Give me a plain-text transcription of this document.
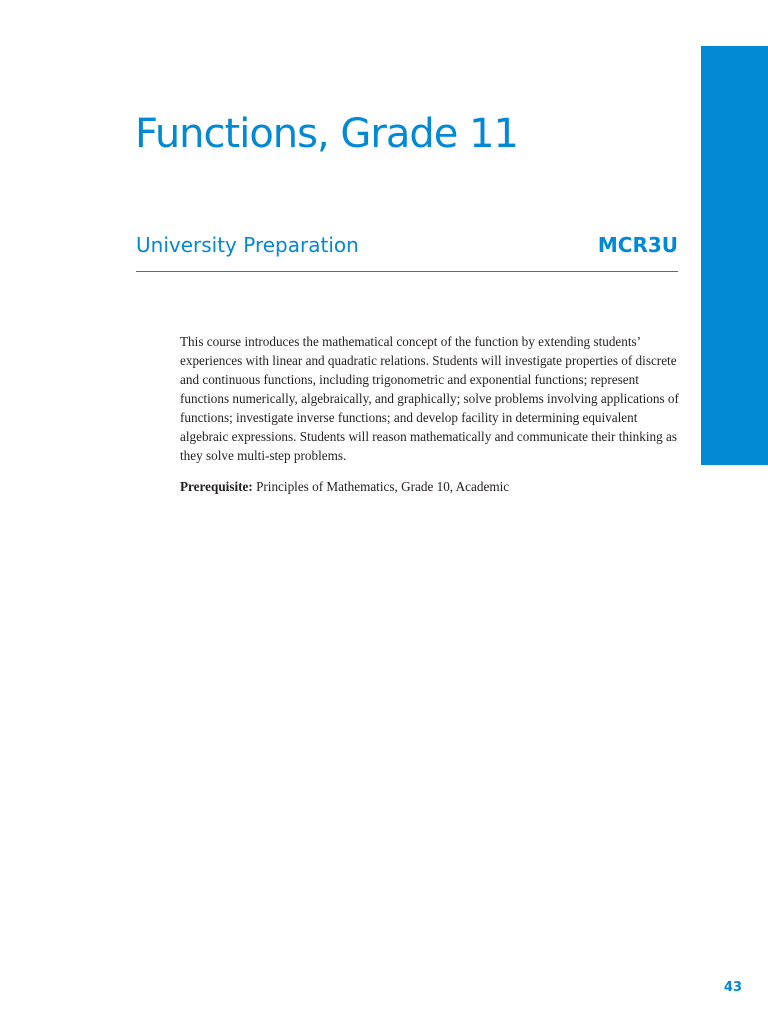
Functions, Grade 11
University Preparation	MCR3U

This course introduces the mathematical concept of the function by extending students’ experiences with linear and quadratic relations. Students will investigate properties of discrete and continuous functions, including trigonometric and exponential functions; represent functions numerically, algebraically, and graphically; solve problems involving applications of functions; investigate inverse functions; and develop facility in determining equivalent algebraic expressions. Students will reason mathematically and communicate their thinking as they solve multi-step problems.

Prerequisite: Principles of Mathematics, Grade 10, Academic

43
